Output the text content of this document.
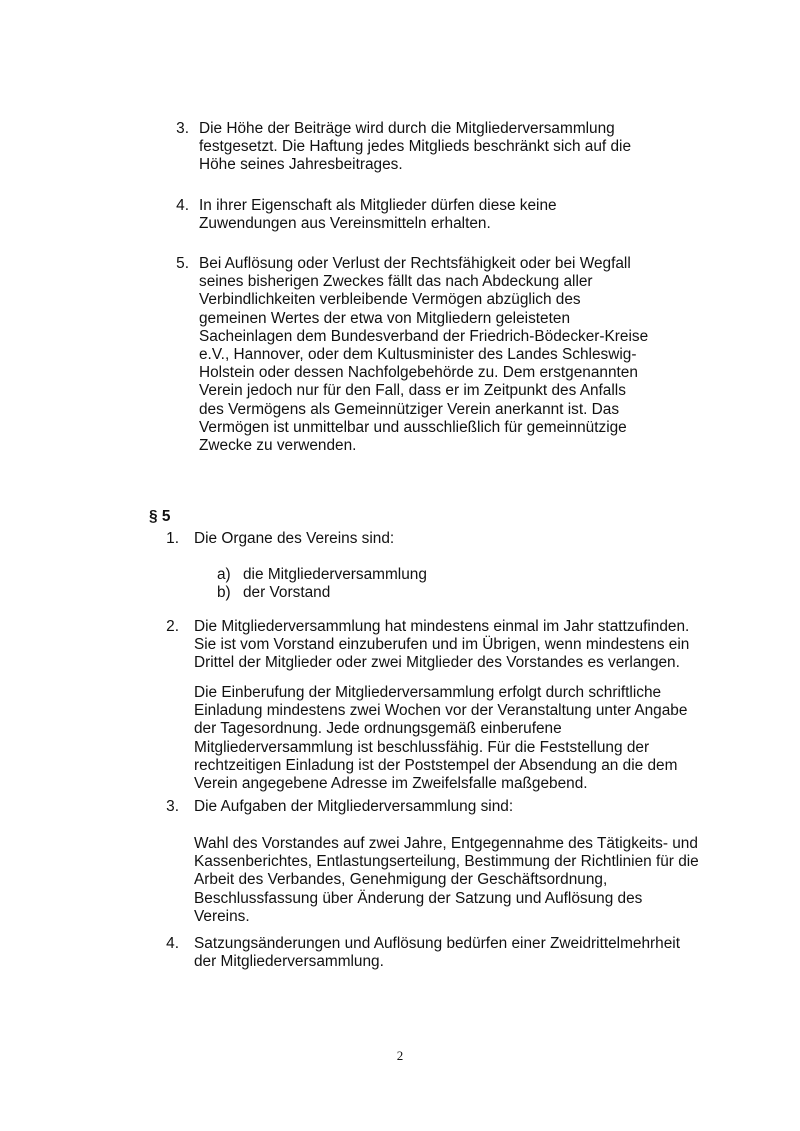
3. Die Höhe der Beiträge wird durch die Mitgliederversammlung

festgesetzt. Die Haftung jedes Mitglieds beschränkt sich auf die

Höhe seines Jahresbeitrages.

4. In ihrer Eigenschaft als Mitglieder dürfen diese keine

Zuwendungen aus Vereinsmitteln erhalten.

5. Bei Auflösung oder Verlust der Rechtsfähigkeit oder bei Wegfall

seines bisherigen Zweckes fällt das nach Abdeckung aller

Verbindlichkeiten verbleibende Vermögen abzüglich des

gemeinen Wertes der etwa von Mitgliedern geleisteten

Sacheinlagen dem Bundesverband der Friedrich-Bödecker-Kreise

e.V., Hannover, oder dem Kultusminister des Landes Schleswig-

Holstein oder dessen Nachfolgebehörde zu. Dem erstgenannten

Verein jedoch nur für den Fall, dass er im Zeitpunkt des Anfalls

des Vermögens als Gemeinnütziger Verein anerkannt ist. Das

Vermögen ist unmittelbar und ausschließlich für gemeinnützige

Zwecke zu verwenden.

§ 5
1. Die Organe des Vereins sind:
a) die Mitgliederversammlung
b) der Vorstand
2. Die Mitgliederversammlung hat mindestens einmal im Jahr stattzufinden.

Sie ist vom Vorstand einzuberufen und im Übrigen, wenn mindestens ein

Drittel der Mitglieder oder zwei Mitglieder des Vorstandes es verlangen.

Die Einberufung der Mitgliederversammlung erfolgt durch schriftliche

Einladung mindestens zwei Wochen vor der Veranstaltung unter Angabe

der Tagesordnung. Jede ordnungsgemäß einberufene

Mitgliederversammlung ist beschlussfähig. Für die Feststellung der

rechtzeitigen Einladung ist der Poststempel der Absendung an die dem

Verein angegebene Adresse im Zweifelsfalle maßgebend.

3. Die Aufgaben der Mitgliederversammlung sind:

Wahl des Vorstandes auf zwei Jahre, Entgegennahme des Tätigkeits- und

Kassenberichtes, Entlastungserteilung, Bestimmung der Richtlinien für die

Arbeit des Verbandes, Genehmigung der Geschäftsordnung,

Beschlussfassung über Änderung der Satzung und Auflösung des

Vereins.

4. Satzungsänderungen und Auflösung bedürfen einer Zweidrittelmehrheit

der Mitgliederversammlung.

2
